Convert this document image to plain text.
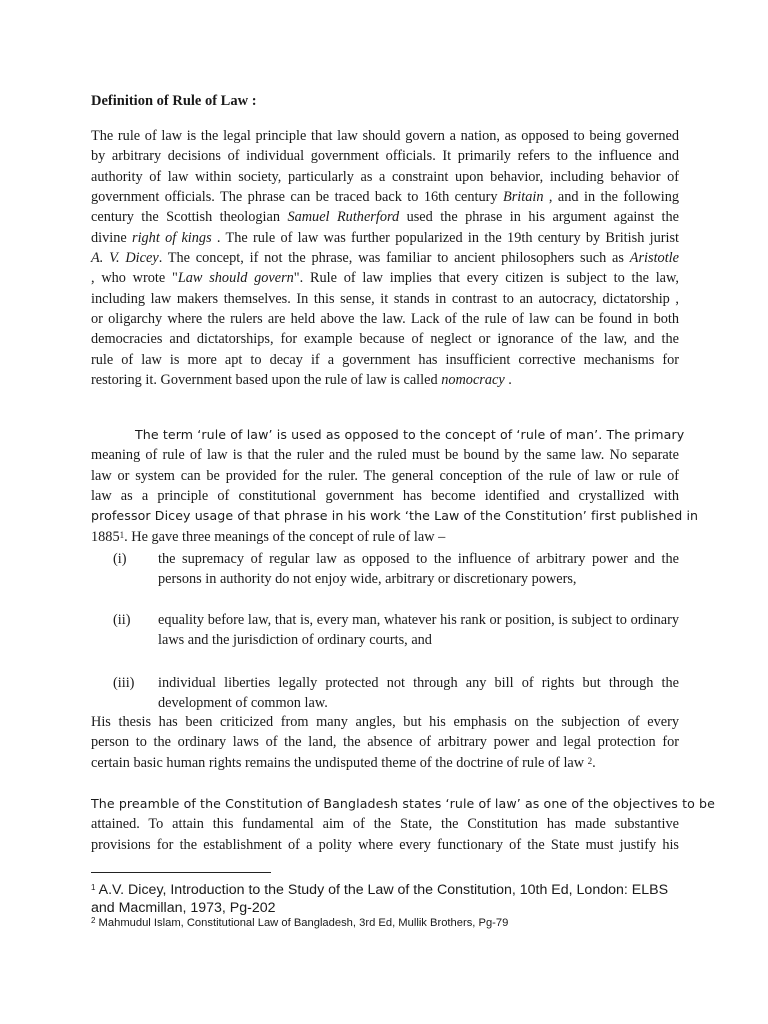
Definition of Rule of Law :
The rule of law is the legal principle that law should govern a nation, as opposed to being governed
by arbitrary decisions of individual government officials. It primarily refers to the influence and
authority of law within society, particularly as a constraint upon behavior, including behavior of
government officials. The phrase can be traced back to 16th century Britain , and in the following
century the Scottish theologian Samuel Rutherford used the phrase in his argument against the
divine right of kings . The rule of law was further popularized in the 19th century by British jurist
A. V. Dicey. The concept, if not the phrase, was familiar to ancient philosophers such as Aristotle
, who wrote "Law should govern". Rule of law implies that every citizen is subject to the law,
including law makers themselves. In this sense, it stands in contrast to an autocracy, dictatorship ,
or oligarchy where the rulers are held above the law. Lack of the rule of law can be found in both
democracies and dictatorships, for example because of neglect or ignorance of the law, and the
rule of law is more apt to decay if a government has insufficient corrective mechanisms for
restoring it. Government based upon the rule of law is called nomocracy .
The term ‘rule of law’ is used as opposed to the concept of ‘rule of man’. The primary
meaning of rule of law is that the ruler and the ruled must be bound by the same law. No separate
law or system can be provided for the ruler. The general conception of the rule of law or rule of
law as a principle of constitutional government has become identified and crystallized with
professor Dicey usage of that phrase in his work ‘the Law of the Constitution’ first published in
1885$^1$. He gave three meanings of the concept of rule of law –
(i) the supremacy of regular law as opposed to the influence of arbitrary power and the persons in authority do not enjoy wide, arbitrary or discretionary powers,
(ii) equality before law, that is, every man, whatever his rank or position, is subject to ordinary laws and the jurisdiction of ordinary courts, and
(iii) individual liberties legally protected not through any bill of rights but through the development of common law.
His thesis has been criticized from many angles, but his emphasis on the subjection of every
person to the ordinary laws of the land, the absence of arbitrary power and legal protection for
certain basic human rights remains the undisputed theme of the doctrine of rule of law $^2$.
The preamble of the Constitution of Bangladesh states ‘rule of law’ as one of the objectives to be
attained. To attain this fundamental aim of the State, the Constitution has made substantive
provisions for the establishment of a polity where every functionary of the State must justify his
$^1$ A.V. Dicey, Introduction to the Study of the Law of the Constitution, 10th Ed, London: ELBS and Macmillan, 1973, Pg-202
$^2$ Mahmudul Islam, Constitutional Law of Bangladesh, 3rd Ed, Mullik Brothers, Pg-79
